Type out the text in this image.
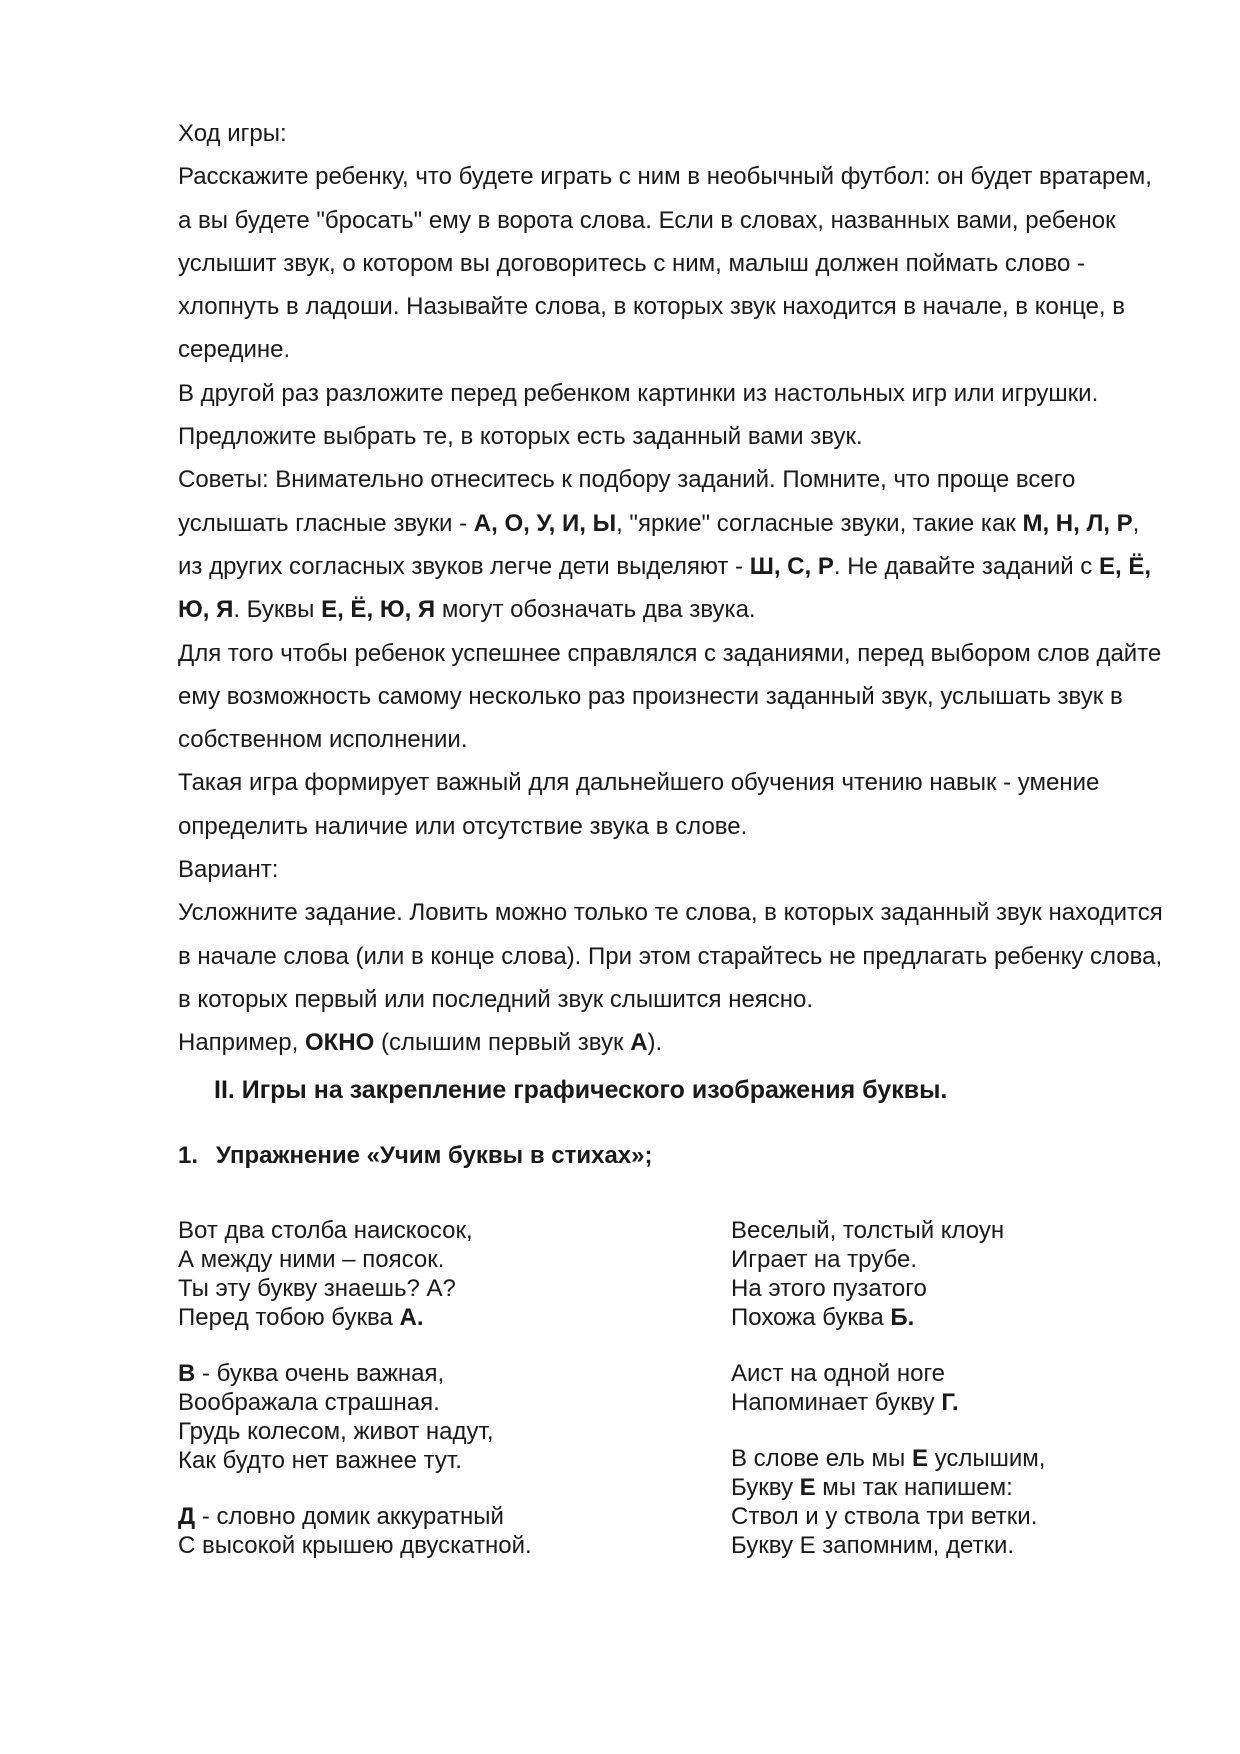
Ход игры:

Расскажите ребенку, что будете играть с ним в необычный футбол: он будет вратарем, а вы будете "бросать" ему в ворота слова. Если в словах, названных вами, ребенок услышит звук, о котором вы договоритесь с ним, малыш должен поймать слово - хлопнуть в ладоши. Называйте слова, в которых звук находится в начале, в конце, в середине.

В другой раз разложите перед ребенком картинки из настольных игр или игрушки. Предложите выбрать те, в которых есть заданный вами звук.

Советы: Внимательно отнеситесь к подбору заданий. Помните, что проще всего услышать гласные звуки - А, О, У, И, Ы, "яркие" согласные звуки, такие как М, Н, Л, Р, из других согласных звуков легче дети выделяют - Ш, С, Р. Не давайте заданий с Е, Ё, Ю, Я. Буквы Е, Ё, Ю, Я могут обозначать два звука.

Для того чтобы ребенок успешнее справлялся с заданиями, перед выбором слов дайте ему возможность самому несколько раз произнести заданный звук, услышать звук в собственном исполнении.

Такая игра формирует важный для дальнейшего обучения чтению навык - умение определить наличие или отсутствие звука в слове.

Вариант:

Усложните задание. Ловить можно только те слова, в которых заданный звук находится в начале слова (или в конце слова). При этом старайтесь не предлагать ребенку слова, в которых первый или последний звук слышится неясно.

Например, ОКНО (слышим первый звук А).

II. Игры на закрепление графического изображения буквы.
1. Упражнение «Учим буквы в стихах»;
Вот два столба наискосок,
А между ними – поясок.
Ты эту букву знаешь? А?
Перед тобою буква А.
В - буква очень важная,
Воображала страшная.
Грудь колесом, живот надут,
Как будто нет важнее тут.
Д - словно домик аккуратный
С высокой крышею двускатной.
Веселый, толстый клоун
Играет на трубе.
На этого пузатого
Похожа буква Б.
Аист на одной ноге
Напоминает букву Г.
В слове ель мы Е услышим,
Букву Е мы так напишем:
Ствол и у ствола три ветки.
Букву Е запомним, детки.
